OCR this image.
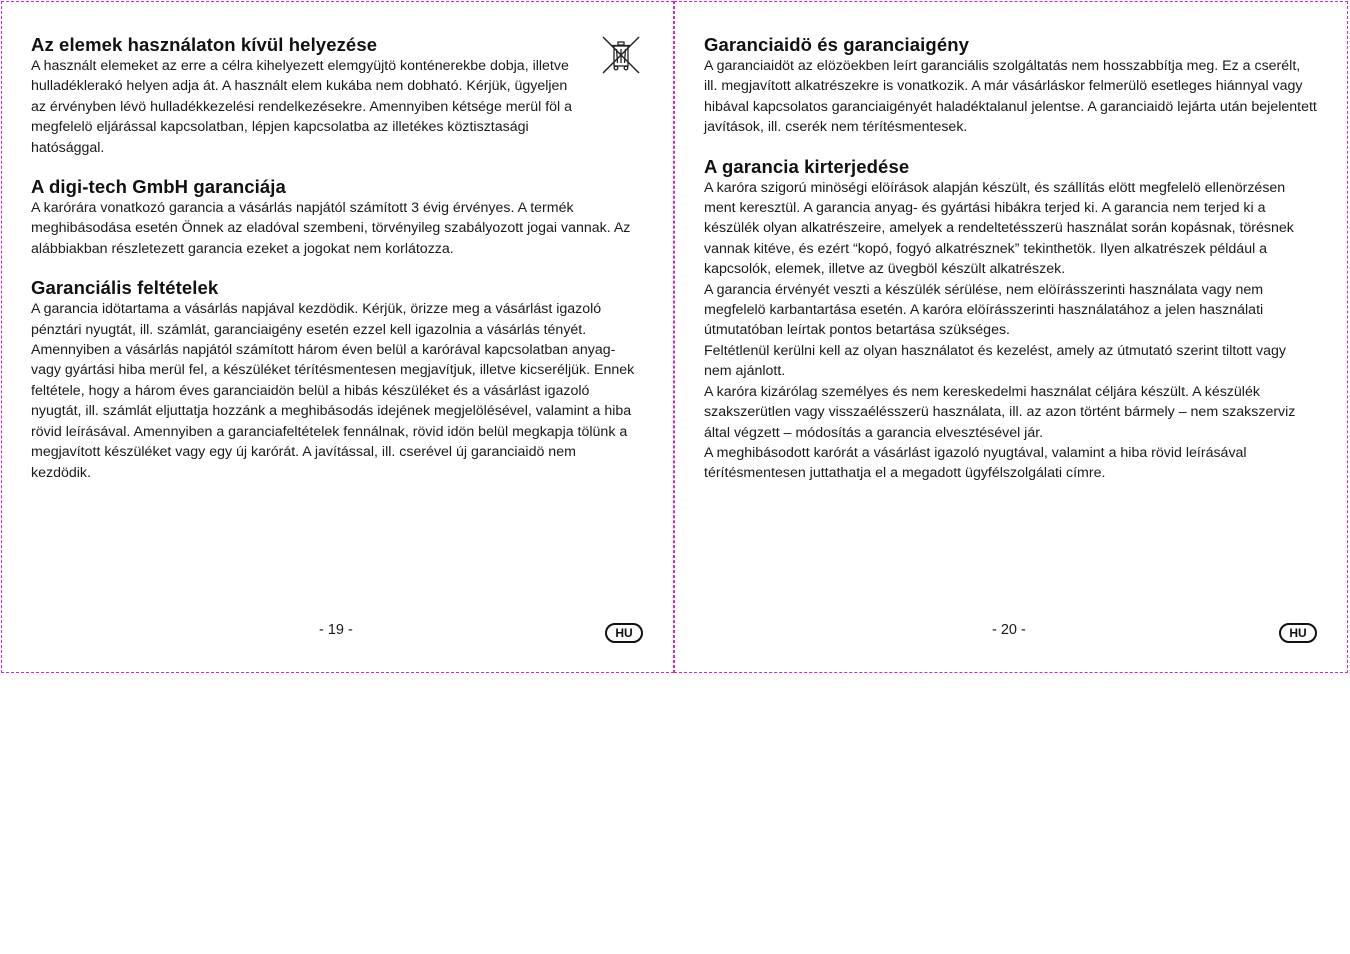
Az elemek használaton kívül helyezése

A használt elemeket az erre a célra kihelyezett elemgyüjtö konténerekbe dobja, illetve hulladéklerakó helyen adja át. A használt elem kukába nem dobható. Kérjük, ügyeljen az érvényben lévö hulladékkezelési rendelkezésekre. Amennyiben kétsége merül föl a megfelelö eljárással kapcsolatban, lépjen kapcsolatba az illetékes köztisztasági hatósággal.

A digi-tech GmbH garanciája

A karórára vonatkozó garancia a vásárlás napjától számított 3 évig érvényes. A termék meghibásodása esetén Önnek az eladóval szembeni, törvényileg szabályozott jogai vannak. Az alábbiakban részletezett garancia ezeket a jogokat nem korlátozza.

Garanciális feltételek

A garancia idötartama a vásárlás napjával kezdödik. Kérjük, örizze meg a vásárlást igazoló pénztári nyugtát, ill. számlát, garanciaigény esetén ezzel kell igazolnia a vásárlás tényét. Amennyiben a vásárlás napjától számított három éven belül a karórával kapcsolatban anyag- vagy gyártási hiba merül fel, a készüléket térítésmentesen megjavítjuk, illetve kicseréljük. Ennek feltétele, hogy a három éves garanciaidön belül a hibás készüléket és a vásárlást igazoló nyugtát, ill. számlát eljuttatja hozzánk a meghibásodás idejének megjelölésével, valamint a hiba rövid leírásával. Amennyiben a garanciafeltételek fennálnak, rövid idön belül megkapja tölünk a megjavított készüléket vagy egy új karórát. A javítással, ill. cserével új garanciaidö nem kezdödik.

- 19 -	HU
Garanciaidö és garanciaigény

A garanciaidöt az elözöekben leírt garanciális szolgáltatás nem hosszabbítja meg. Ez a cserélt, ill. megjavított alkatrészekre is vonatkozik. A már vásárláskor felmerülö esetleges hiánnyal vagy hibával kapcsolatos garanciaigényét haladéktalanul jelentse. A garanciaidö lejárta után bejelentett javítások, ill. cserék nem térítésmentesek.

A garancia kirterjedése

A karóra szigorú minöségi elöírások alapján készült, és szállítás elött megfelelö ellenörzésen ment keresztül. A garancia anyag- és gyártási hibákra terjed ki. A garancia nem terjed ki a készülék olyan alkatrészeire, amelyek a rendeltetésszerü használat során kopásnak, törésnek vannak kitéve, és ezért “kopó, fogyó alkatrésznek” tekinthetök. Ilyen alkatrészek például a kapcsolók, elemek, illetve az üvegböl készült alkatrészek.

A garancia érvényét veszti a készülék sérülése, nem elöírásszerinti használata vagy nem megfelelö karbantartása esetén. A karóra elöírásszerinti használatához a jelen használati útmutatóban leírtak pontos betartása szükséges.

Feltétlenül kerülni kell az olyan használatot és kezelést, amely az útmutató szerint tiltott vagy nem ajánlott.

A karóra kizárólag személyes és nem kereskedelmi használat céljára készült. A készülék szakszerütlen vagy visszaélésszerü használata, ill. az azon történt bármely – nem szakszerviz által végzett – módosítás a garancia elvesztésével jár.

A meghibásodott karórát a vásárlást igazoló nyugtával, valamint a hiba rövid leírásával térítésmentesen juttathatja el a megadott ügyfélszolgálati címre.

- 20 -	HU
